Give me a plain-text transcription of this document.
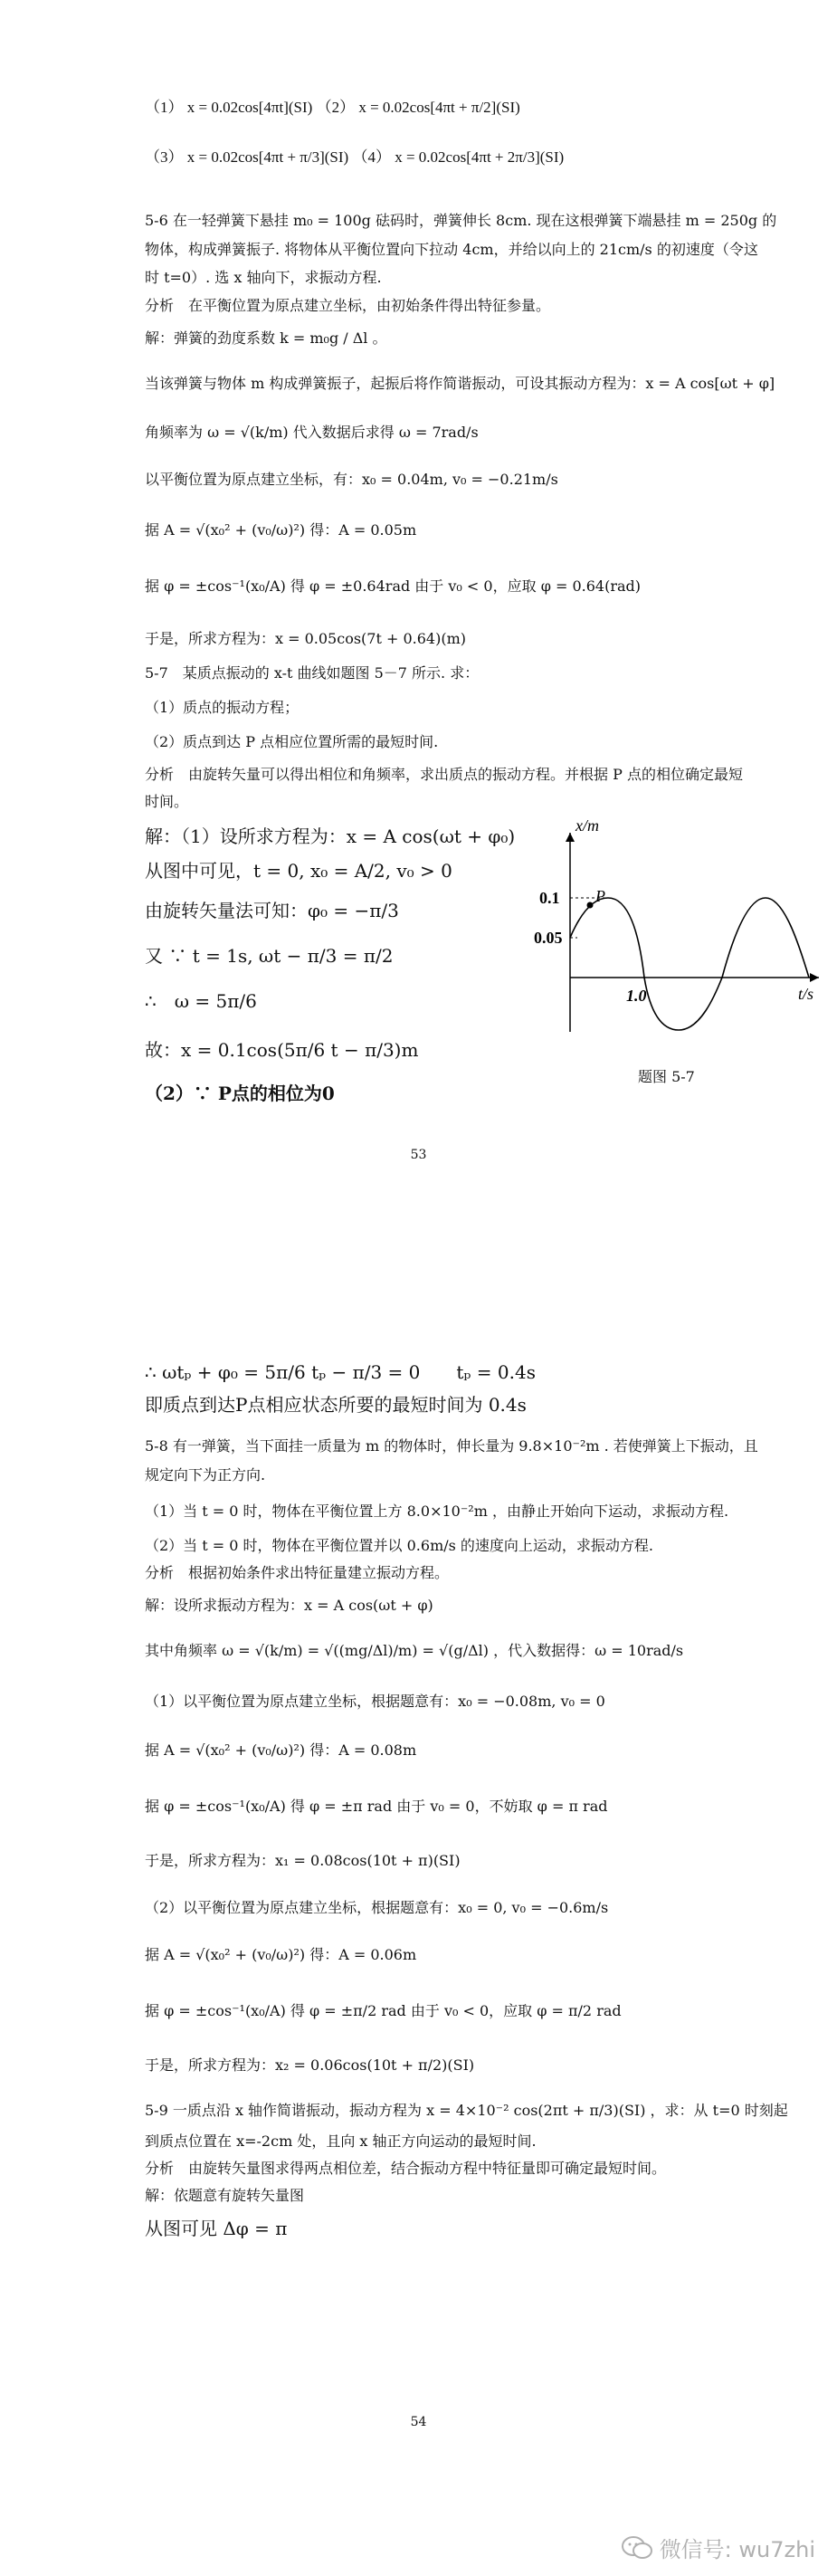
（1） x = 0.02cos[4πt](SI) （2） x = 0.02cos[4πt + π/2](SI)
（3） x = 0.02cos[4πt + π/3](SI) （4） x = 0.02cos[4πt + 2π/3](SI)
5-6 在一轻弹簧下悬挂 m₀ = 100g 砝码时，弹簧伸长 8cm. 现在这根弹簧下端悬挂 m = 250g 的
物体，构成弹簧振子. 将物体从平衡位置向下拉动 4cm，并给以向上的 21cm/s 的初速度（令这
时 t=0）. 选 x 轴向下，求振动方程.
分析　在平衡位置为原点建立坐标，由初始条件得出特征参量。
解：弹簧的劲度系数 k = m₀g / Δl 。
当该弹簧与物体 m 构成弹簧振子，起振后将作简谐振动，可设其振动方程为：x = A cos[ωt + φ]
角频率为 ω = √(k/m) 代入数据后求得 ω = 7rad/s
以平衡位置为原点建立坐标，有：x₀ = 0.04m, v₀ = −0.21m/s
据 A = √(x₀² + (v₀/ω)²) 得：A = 0.05m
据 φ = ±cos⁻¹(x₀/A) 得 φ = ±0.64rad 由于 v₀ < 0，应取 φ = 0.64(rad)
于是，所求方程为：x = 0.05cos(7t + 0.64)(m)
5-7　某质点振动的 x-t 曲线如题图 5－7 所示. 求：
（1）质点的振动方程；
（2）质点到达 P 点相应位置所需的最短时间.
分析　由旋转矢量可以得出相位和角频率，求出质点的振动方程。并根据 P 点的相位确定最短
时间。
解：（1）设所求方程为：x = A cos(ωt + φ₀)
从图中可见，t = 0, x₀ = A/2, v₀ > 0
由旋转矢量法可知：φ₀ = −π/3
又 ∵ t = 1s, ωt − π/3 = π/2
∴　ω = 5π/6
故：x = 0.1cos(5π/6 t − π/3)m
（2）∵ P点的相位为0
P
x/m
t/s
0.1
0.05
1.0
题图 5-7
53
∴ ωtₚ + φ₀ = 5π/6 tₚ − π/3 = 0　　tₚ = 0.4s
即质点到达P点相应状态所要的最短时间为 0.4s
5-8 有一弹簧，当下面挂一质量为 m 的物体时，伸长量为 9.8×10⁻²m . 若使弹簧上下振动，且
规定向下为正方向.
（1）当 t = 0 时，物体在平衡位置上方 8.0×10⁻²m ，由静止开始向下运动，求振动方程.
（2）当 t = 0 时，物体在平衡位置并以 0.6m/s 的速度向上运动，求振动方程.
分析　根据初始条件求出特征量建立振动方程。
解：设所求振动方程为：x = A cos(ωt + φ)
其中角频率 ω = √(k/m) = √((mg/Δl)/m) = √(g/Δl) ，代入数据得：ω = 10rad/s
（1）以平衡位置为原点建立坐标，根据题意有：x₀ = −0.08m, v₀ = 0
据 A = √(x₀² + (v₀/ω)²) 得：A = 0.08m
据 φ = ±cos⁻¹(x₀/A) 得 φ = ±π rad 由于 v₀ = 0，不妨取 φ = π rad
于是，所求方程为：x₁ = 0.08cos(10t + π)(SI)
（2）以平衡位置为原点建立坐标，根据题意有：x₀ = 0, v₀ = −0.6m/s
据 A = √(x₀² + (v₀/ω)²) 得：A = 0.06m
据 φ = ±cos⁻¹(x₀/A) 得 φ = ±π/2 rad 由于 v₀ < 0，应取 φ = π/2 rad
于是，所求方程为：x₂ = 0.06cos(10t + π/2)(SI)
5-9 一质点沿 x 轴作简谐振动，振动方程为 x = 4×10⁻² cos(2πt + π/3)(SI) ，求：从 t=0 时刻起
到质点位置在 x=-2cm 处，且向 x 轴正方向运动的最短时间.
分析　由旋转矢量图求得两点相位差，结合振动方程中特征量即可确定最短时间。
解：依题意有旋转矢量图
从图可见 Δφ = π
54
微信号: wu7zhi
